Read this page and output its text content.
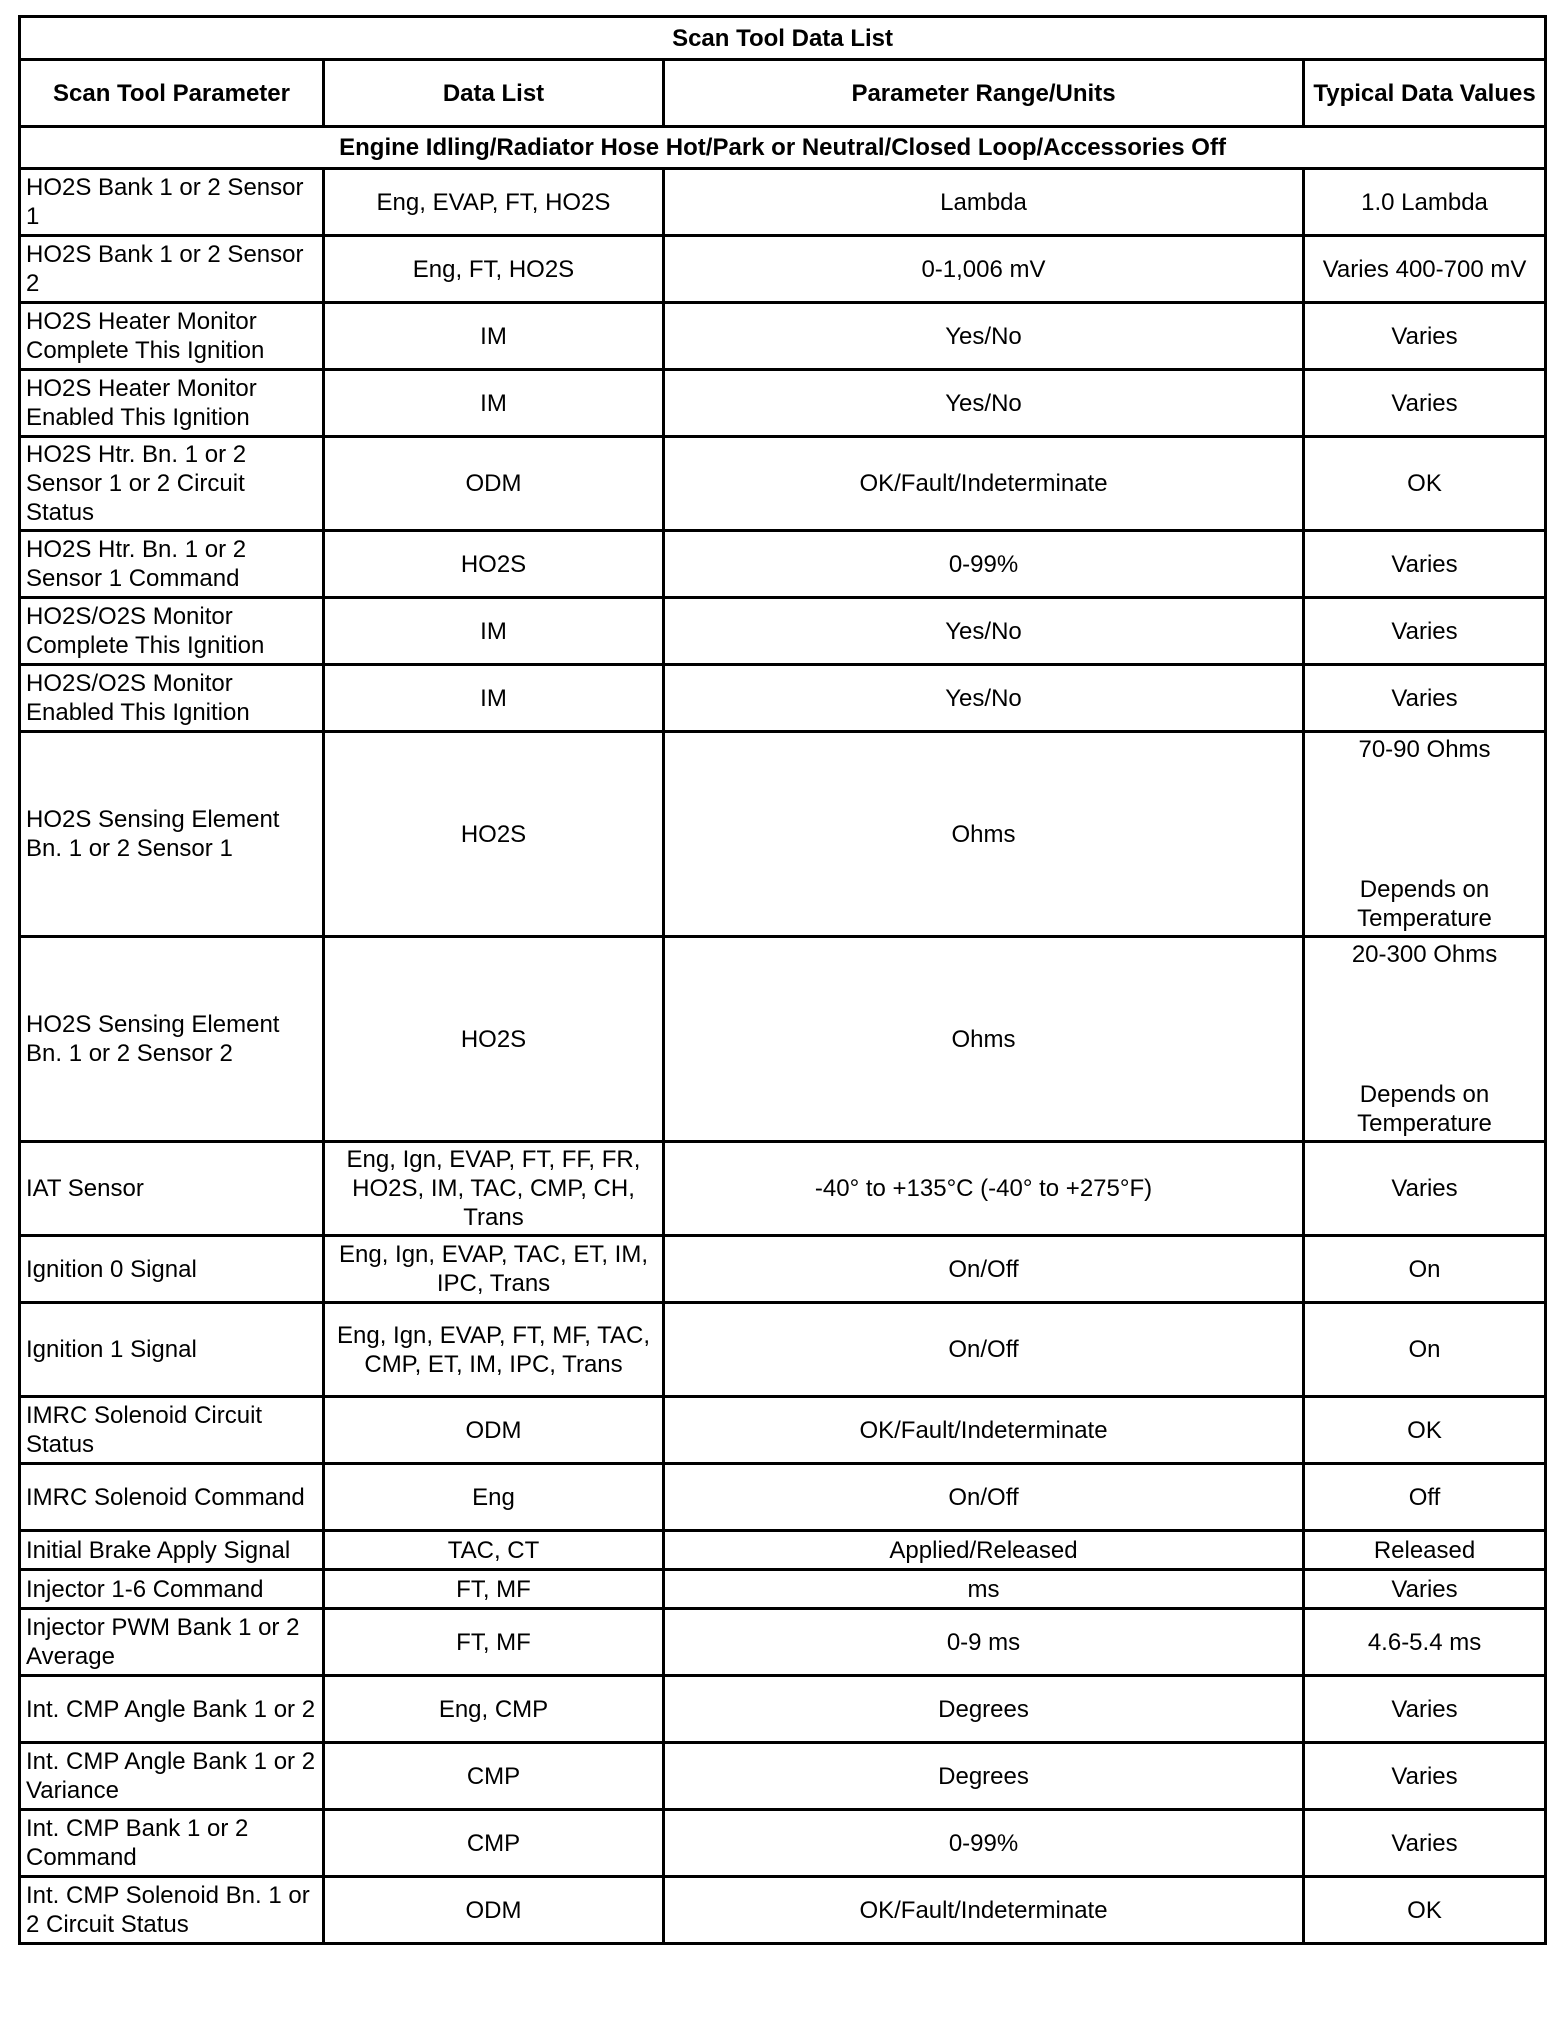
Scan Tool Data List			
Scan Tool Parameter	Data List	Parameter Range/Units	Typical Data Values
Engine Idling/Radiator Hose Hot/Park or Neutral/Closed Loop/Accessories Off			
HO2S Bank 1 or 2 Sensor 1	Eng, EVAP, FT, HO2S	Lambda	1.0 Lambda
HO2S Bank 1 or 2 Sensor 2	Eng, FT, HO2S	0-1,006 mV	Varies 400-700 mV
HO2S Heater Monitor Complete This Ignition	IM	Yes/No	Varies
HO2S Heater Monitor Enabled This Ignition	IM	Yes/No	Varies
HO2S Htr. Bn. 1 or 2 Sensor 1 or 2 Circuit Status	ODM	OK/Fault/Indeterminate	OK
HO2S Htr. Bn. 1 or 2 Sensor 1 Command	HO2S	0-99%	Varies
HO2S/O2S Monitor Complete This Ignition	IM	Yes/No	Varies
HO2S/O2S Monitor Enabled This Ignition	IM	Yes/No	Varies
HO2S Sensing Element Bn. 1 or 2 Sensor 1	HO2S	Ohms	70-90 Ohms
Depends on Temperature

HO2S Sensing Element Bn. 1 or 2 Sensor 2	HO2S	Ohms	20-300 Ohms
Depends on Temperature

IAT Sensor	Eng, Ign, EVAP, FT, FF, FR, HO2S, IM, TAC, CMP, CH, Trans	-40° to +135°C (-40° to +275°F)	Varies
Ignition 0 Signal	Eng, Ign, EVAP, TAC, ET, IM, IPC, Trans	On/Off	On
Ignition 1 Signal	Eng, Ign, EVAP, FT, MF, TAC, CMP, ET, IM, IPC, Trans	On/Off	On
IMRC Solenoid Circuit Status	ODM	OK/Fault/Indeterminate	OK
IMRC Solenoid Command	Eng	On/Off	Off
Initial Brake Apply Signal	TAC, CT	Applied/Released	Released
Injector 1-6 Command	FT, MF	ms	Varies
Injector PWM Bank 1 or 2 Average	FT, MF	0-9 ms	4.6-5.4 ms
Int. CMP Angle Bank 1 or 2	Eng, CMP	Degrees	Varies
Int. CMP Angle Bank 1 or 2 Variance	CMP	Degrees	Varies
Int. CMP Bank 1 or 2 Command	CMP	0-99%	Varies
Int. CMP Solenoid Bn. 1 or 2 Circuit Status	ODM	OK/Fault/Indeterminate	OK
